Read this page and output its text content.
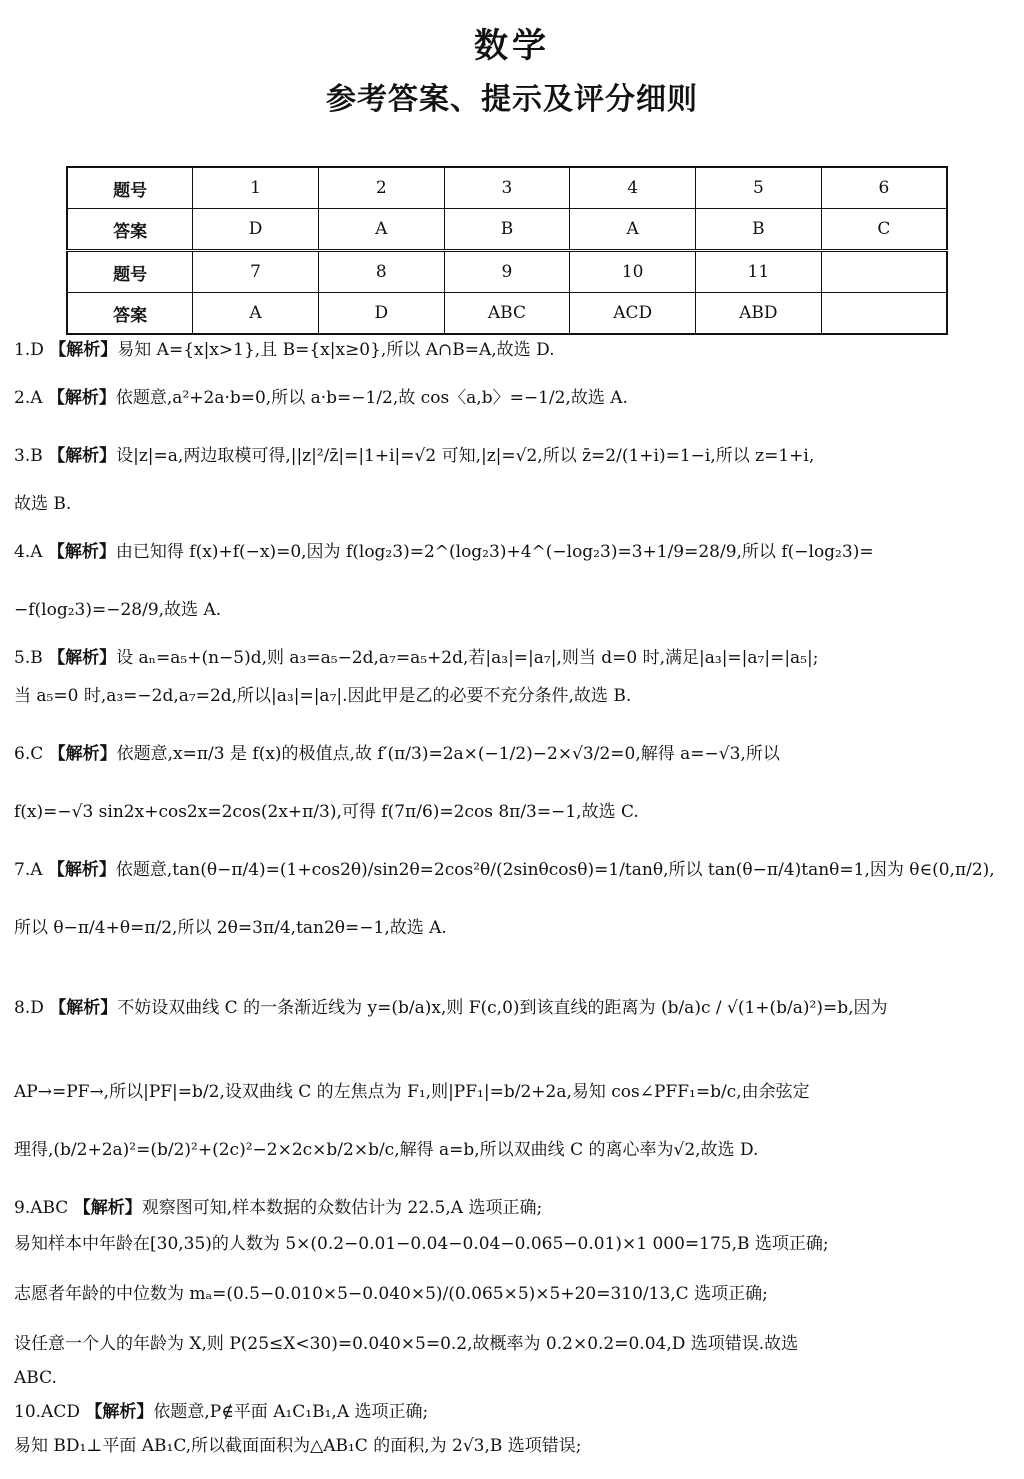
数学
参考答案、提示及评分细则
题号	1	2	3	4	5	6
答案	D	A	B	A	B	C
题号	7	8	9	10	11	
答案	A	D	ABC	ACD	ABD	
1.D 【解析】易知 A={x|x>1},且 B={x|x≥0},所以 A∩B=A,故选 D.
2.A 【解析】依题意,a²+2a·b=0,所以 a·b=−1/2,故 cos〈a,b〉=−1/2,故选 A.
3.B 【解析】设|z|=a,两边取模可得,||z|²/z̄|=|1+i|=√2 可知,|z|=√2,所以 z̄=2/(1+i)=1−i,所以 z=1+i,
故选 B.
4.A 【解析】由已知得 f(x)+f(−x)=0,因为 f(log₂3)=2^(log₂3)+4^(−log₂3)=3+1/9=28/9,所以 f(−log₂3)=
−f(log₂3)=−28/9,故选 A.
5.B 【解析】设 aₙ=a₅+(n−5)d,则 a₃=a₅−2d,a₇=a₅+2d,若|a₃|=|a₇|,则当 d=0 时,满足|a₃|=|a₇|=|a₅|;
当 a₅=0 时,a₃=−2d,a₇=2d,所以|a₃|=|a₇|.因此甲是乙的必要不充分条件,故选 B.
6.C 【解析】依题意,x=π/3 是 f(x)的极值点,故 f′(π/3)=2a×(−1/2)−2×√3/2=0,解得 a=−√3,所以
f(x)=−√3 sin2x+cos2x=2cos(2x+π/3),可得 f(7π/6)=2cos 8π/3=−1,故选 C.
7.A 【解析】依题意,tan(θ−π/4)=(1+cos2θ)/sin2θ=2cos²θ/(2sinθcosθ)=1/tanθ,所以 tan(θ−π/4)tanθ=1,因为 θ∈(0,π/2),
所以 θ−π/4+θ=π/2,所以 2θ=3π/4,tan2θ=−1,故选 A.
8.D 【解析】不妨设双曲线 C 的一条渐近线为 y=(b/a)x,则 F(c,0)到该直线的距离为 (b/a)c / √(1+(b/a)²)=b,因为
AP→=PF→,所以|PF|=b/2,设双曲线 C 的左焦点为 F₁,则|PF₁|=b/2+2a,易知 cos∠PFF₁=b/c,由余弦定
理得,(b/2+2a)²=(b/2)²+(2c)²−2×2c×b/2×b/c,解得 a=b,所以双曲线 C 的离心率为√2,故选 D.
9.ABC 【解析】观察图可知,样本数据的众数估计为 22.5,A 选项正确;
易知样本中年龄在[30,35)的人数为 5×(0.2−0.01−0.04−0.04−0.065−0.01)×1 000=175,B 选项正确;
志愿者年龄的中位数为 mₐ=(0.5−0.010×5−0.040×5)/(0.065×5)×5+20=310/13,C 选项正确;
设任意一个人的年龄为 X,则 P(25≤X<30)=0.040×5=0.2,故概率为 0.2×0.2=0.04,D 选项错误.故选
ABC.
10.ACD 【解析】依题意,P∉平面 A₁C₁B₁,A 选项正确;
易知 BD₁⊥平面 AB₁C,所以截面面积为△AB₁C 的面积,为 2√3,B 选项错误;
